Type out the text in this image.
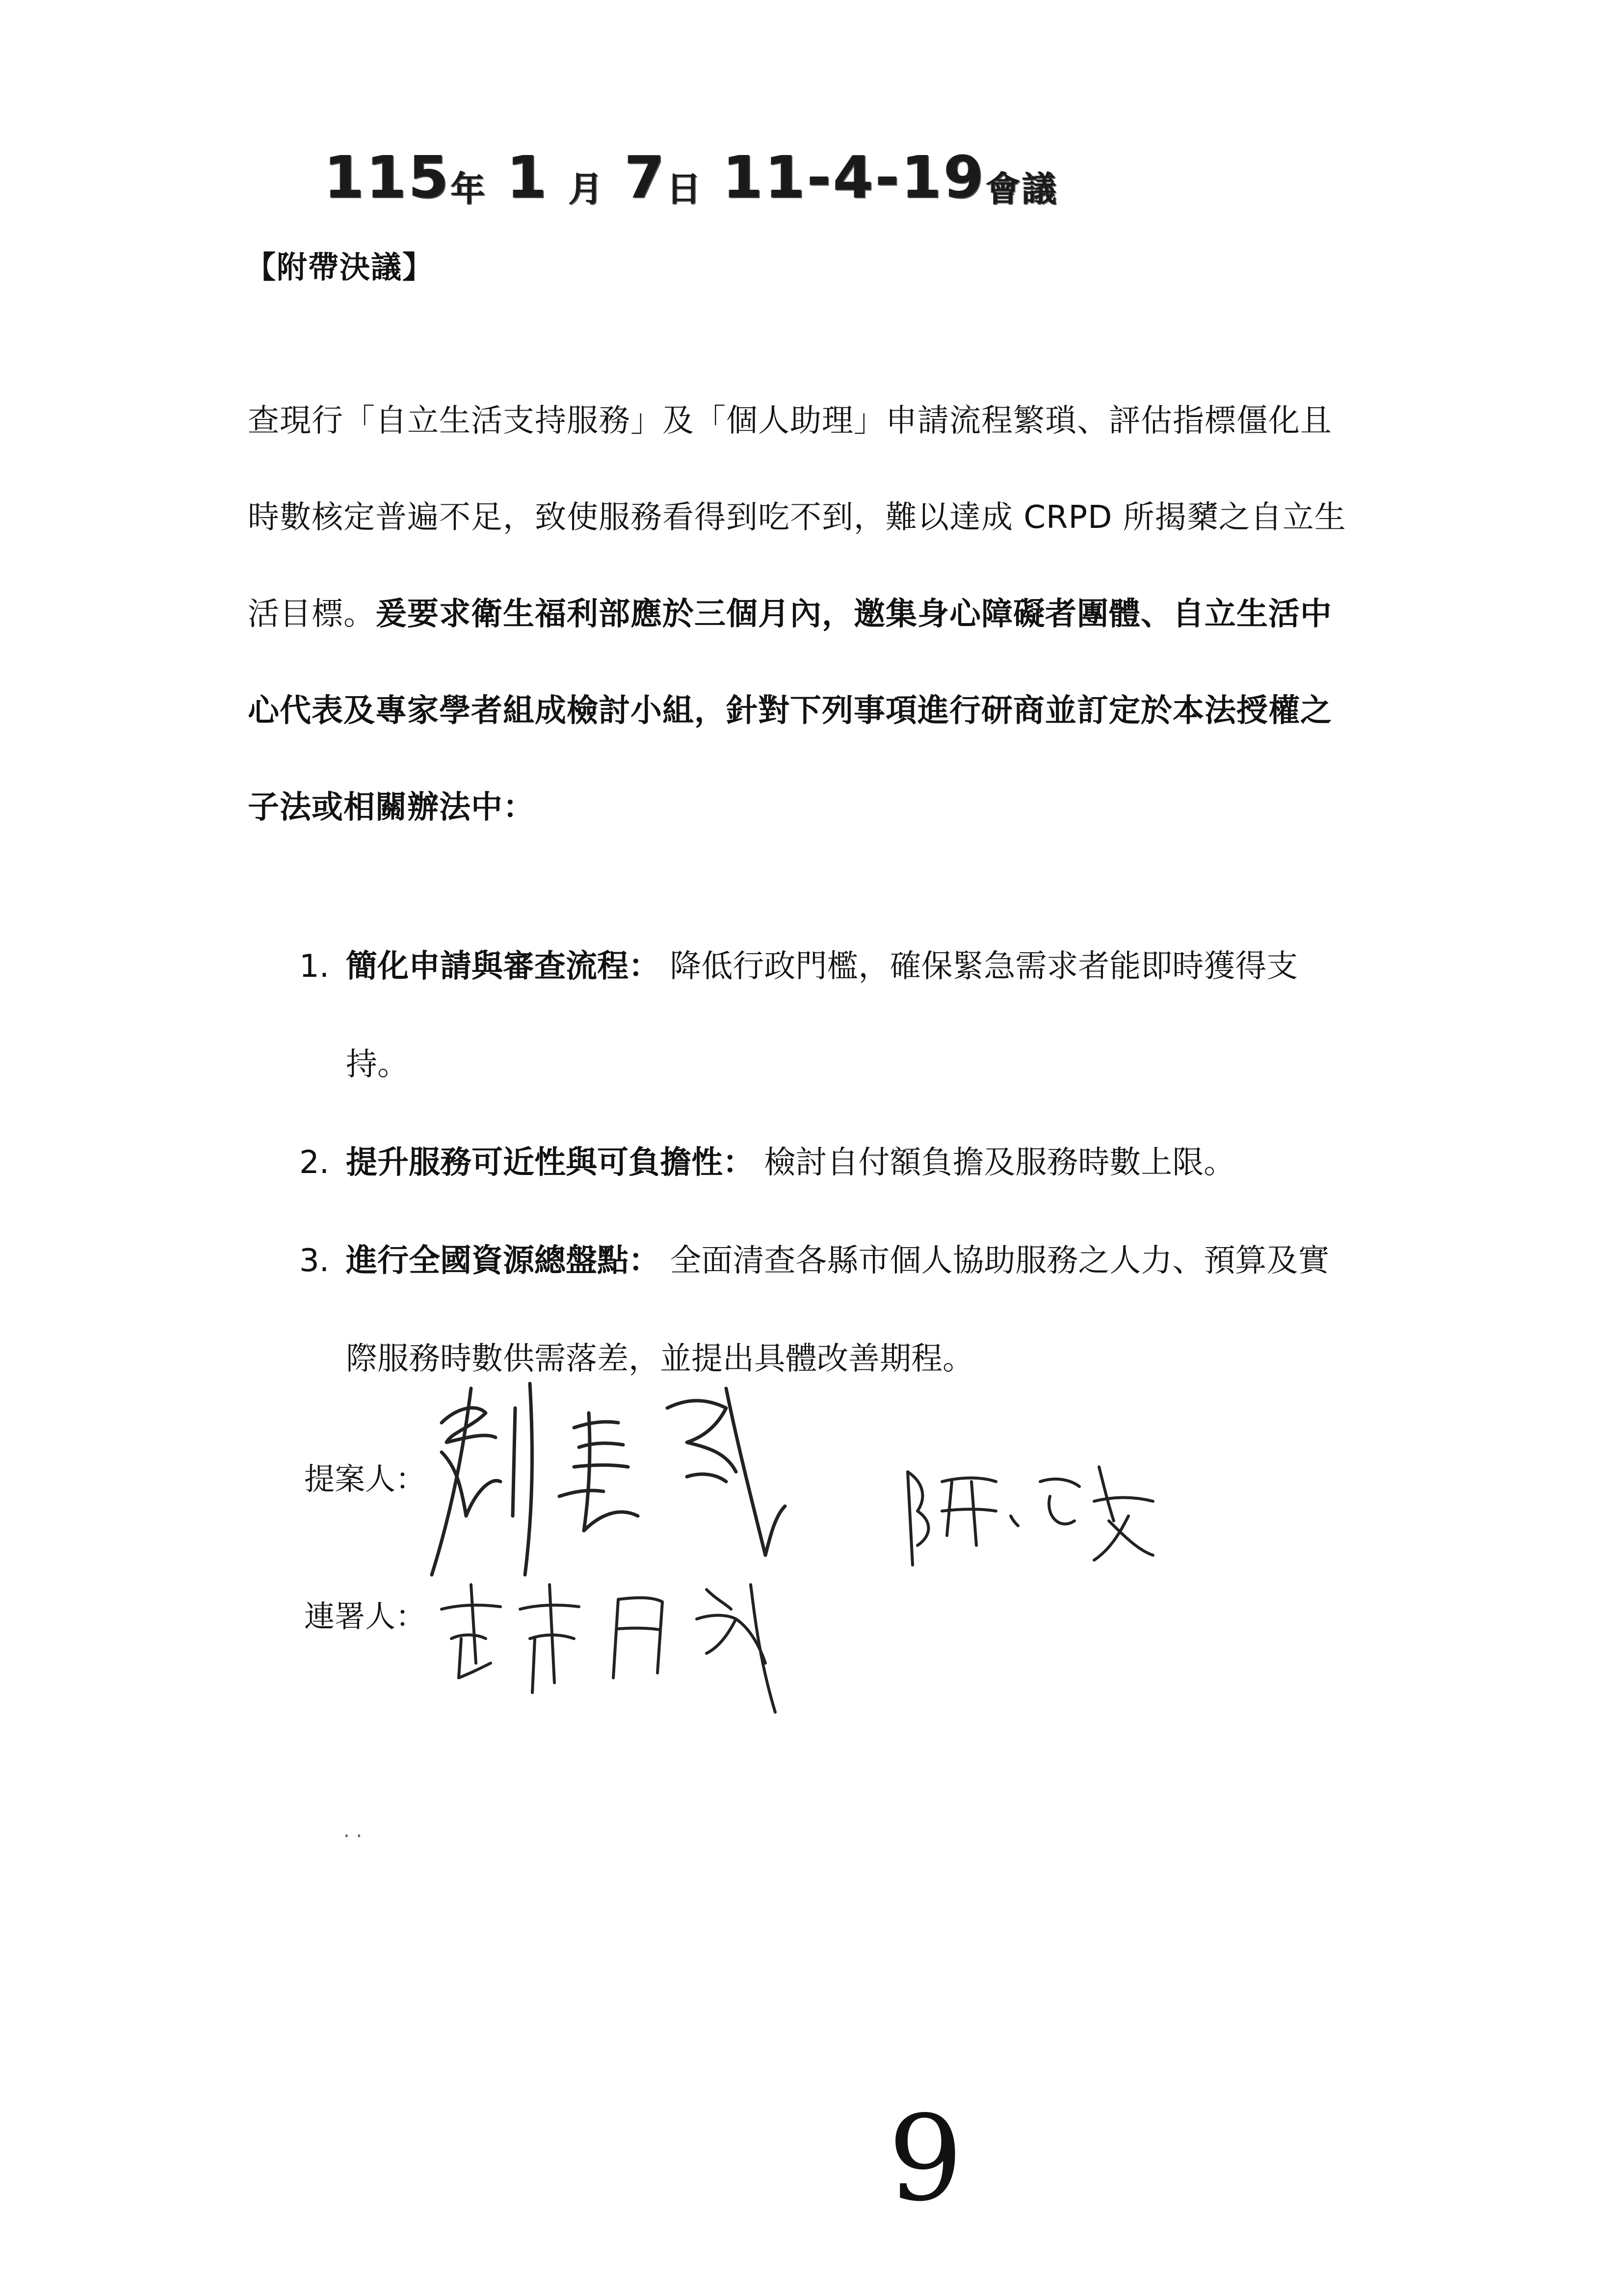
115 年 1 月 7 日 11-4-19 會議
【附帶決議】

查現行「自立生活支持服務」及「個人助理」申請流程繁瑣、評估指標僵化且

時數核定普遍不足，致使服務看得到吃不到，難以達成 CRPD 所揭櫫之自立生

活目標。爰要求衛生福利部應於三個月內，邀集身心障礙者團體、自立生活中

心代表及專家學者組成檢討小組，針對下列事項進行研商並訂定於本法授權之

子法或相關辦法中：

1. 簡化申請與審查流程： 降低行政門檻，確保緊急需求者能即時獲得支
持。
2. 提升服務可近性與可負擔性： 檢討自付額負擔及服務時數上限。
3. 進行全國資源總盤點： 全面清查各縣市個人協助服務之人力、預算及實
際服務時數供需落差，並提出具體改善期程。
提案人：
連署人：
· ·
9
